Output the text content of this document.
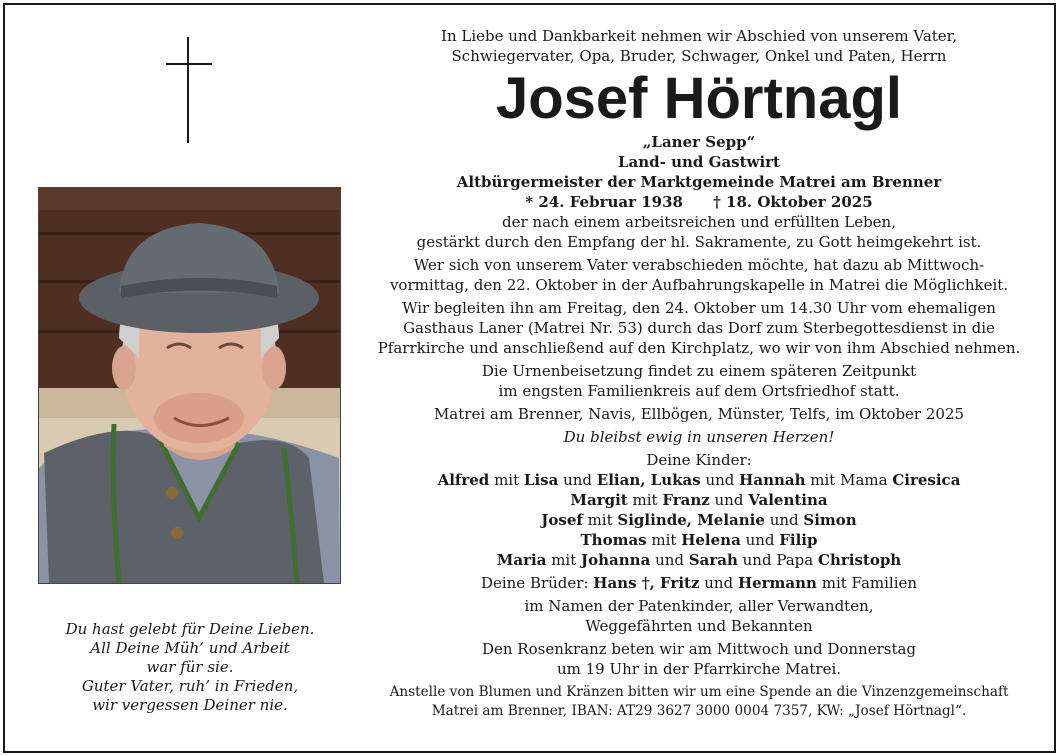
Du hast gelebt für Deine Lieben.
All Deine Müh’ und Arbeit
war für sie.
Guter Vater, ruh’ in Frieden,
wir vergessen Deiner nie.
In Liebe und Dankbarkeit nehmen wir Abschied von unserem Vater,
Schwiegervater, Opa, Bruder, Schwager, Onkel und Paten, Herrn
Josef Hörtnagl
„Laner Sepp“
Land- und Gastwirt
Altbürgermeister der Marktgemeinde Matrei am Brenner
* 24. Februar 1938 † 18. Oktober 2025
der nach einem arbeitsreichen und erfüllten Leben,
gestärkt durch den Empfang der hl. Sakramente, zu Gott heimgekehrt ist.
Wer sich von unserem Vater verabschieden möchte, hat dazu ab Mittwoch-
vormittag, den 22. Oktober in der Aufbahrungskapelle in Matrei die Möglichkeit.
Wir begleiten ihn am Freitag, den 24. Oktober um 14.30 Uhr vom ehemaligen
Gasthaus Laner (Matrei Nr. 53) durch das Dorf zum Sterbegottesdienst in die
Pfarrkirche und anschließend auf den Kirchplatz, wo wir von ihm Abschied nehmen.
Die Urnenbeisetzung findet zu einem späteren Zeitpunkt
im engsten Familienkreis auf dem Ortsfriedhof statt.
Matrei am Brenner, Navis, Ellbögen, Münster, Telfs, im Oktober 2025
Du bleibst ewig in unseren Herzen!
Deine Kinder:
Alfred mit Lisa und Elian, Lukas und Hannah mit Mama Ciresica
Margit mit Franz und Valentina
Josef mit Siglinde, Melanie und Simon
Thomas mit Helena und Filip
Maria mit Johanna und Sarah und Papa Christoph
Deine Brüder: Hans †, Fritz und Hermann mit Familien
im Namen der Patenkinder, aller Verwandten,
Weggefährten und Bekannten
Den Rosenkranz beten wir am Mittwoch und Donnerstag
um 19 Uhr in der Pfarrkirche Matrei.
Anstelle von Blumen und Kränzen bitten wir um eine Spende an die Vinzenzgemeinschaft
Matrei am Brenner, IBAN: AT29 3627 3000 0004 7357, KW: „Josef Hörtnagl“.
